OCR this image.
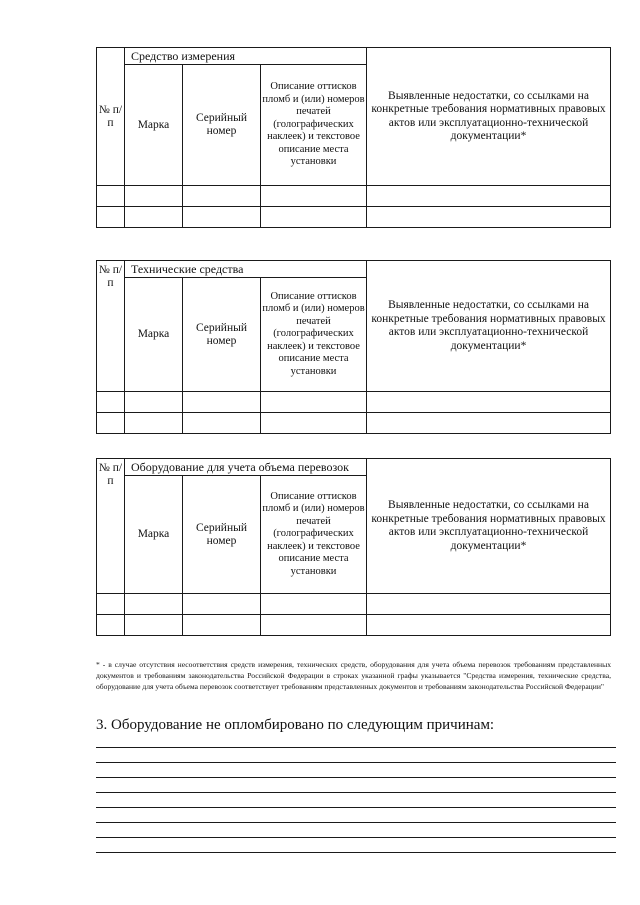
№ п/п	Средство измерения			Выявленные недостатки, со ссылками на конкретные требования нормативных правовых актов или эксплуатационно-технической документации*
	Марка	Серийный номер	Описание оттисков пломб и (или) номеров печатей (голографических наклеек) и текстовое описание места установки	

№ п/п	Технические средства			Выявленные недостатки, со ссылками на конкретные требования нормативных правовых актов или эксплуатационно-технической документации*
	Марка	Серийный номер	Описание оттисков пломб и (или) номеров печатей (голографических наклеек) и текстовое описание места установки	

№ п/п	Оборудование для учета объема перевозок			Выявленные недостатки, со ссылками на конкретные требования нормативных правовых актов или эксплуатационно-технической документации*
	Марка	Серийный номер	Описание оттисков пломб и (или) номеров печатей (голографических наклеек) и текстовое описание места установки	

* - в случае отсутствия несоответствия средств измерения, технических средств, оборудования для учета объема перевозок требованиям представленных документов и требованиям законодательства Российской Федерации в строках указанной графы указывается "Средства измерения, технические средства, оборудование для учета объема перевозок соответствует требованиям представленных документов и требованиям законодательства Российской Федерации"
3. Оборудование не опломбировано по следующим причинам:
